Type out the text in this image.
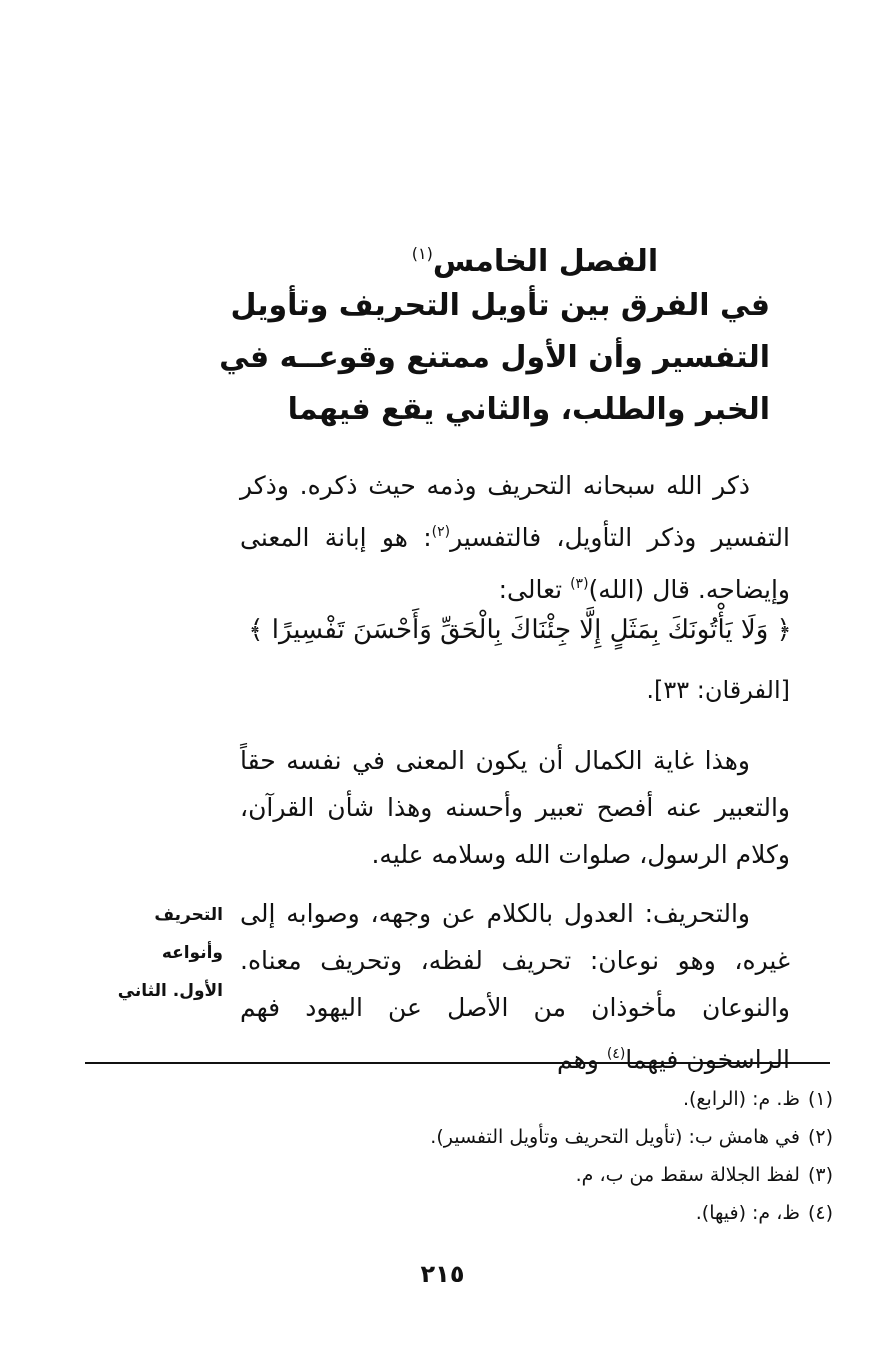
الفصل الخامس$^{(١)}$
في الفرق بين تأويل التحريف وتأويل
التفسير وأن الأول ممتنع وقوعــه في
الخبر والطلب، والثاني يقع فيهما
ذكر الله سبحانه التحريف وذمه حيث ذكره. وذكر التفسير وذكر التأويل، فالتفسير$^{(٢)}$: هو إبانة المعنى وإيضاحه. قال (الله)$^{(٣)}$ تعالى:
﴿ وَلَا يَأْتُونَكَ بِمَثَلٍ إِلَّا جِئْنَاكَ بِالْحَقِّ وَأَحْسَنَ تَفْسِيرًا ﴾
[الفرقان: ٣٣].
وهذا غاية الكمال أن يكون المعنى في نفسه حقاً والتعبير عنه أفصح تعبير وأحسنه وهذا شأن القرآن، وكلام الرسول، صلوات الله وسلامه عليه.
والتحريف: العدول بالكلام عن وجهه، وصوابه إلى غيره، وهو نوعان: تحريف لفظه، وتحريف معناه. والنوعان مأخوذان من الأصل عن اليهود فهم الراسخون فيهما$^{(٤)}$ وهم
التحريف وأنواعه
الأول. الثاني
(١)ظ. م: (الرابع).
(٢)في هامش ب: (تأويل التحريف وتأويل التفسير).
(٣)لفظ الجلالة سقط من ب، م.
(٤)ظ، م: (فيها).
٢١٥
